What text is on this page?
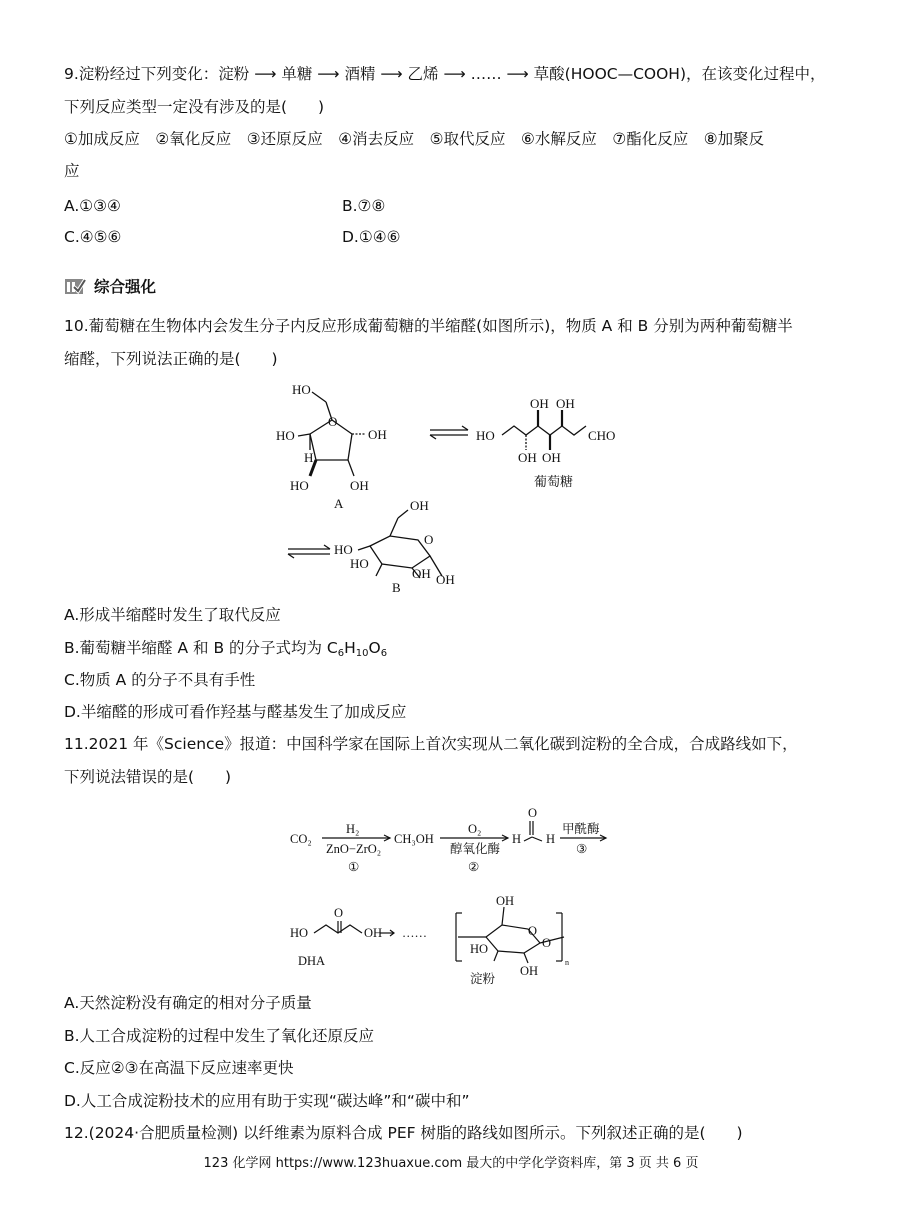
9.淀粉经过下列变化：淀粉 ⟶ 单糖 ⟶ 酒精 ⟶ 乙烯 ⟶ …… ⟶ 草酸(HOOC—COOH)，在该变化过程中，
下列反应类型一定没有涉及的是(　　)
①加成反应　②氧化反应　③还原反应　④消去反应　⑤取代反应　⑥水解反应　⑦酯化反应　⑧加聚反
应
A.①③④	B.⑦⑧
C.④⑤⑥	D.①④⑥
综合强化
10.葡萄糖在生物体内会发生分子内反应形成葡萄糖的半缩醛(如图所示)，物质 A 和 B 分别为两种葡萄糖半
缩醛，下列说法正确的是(　　)
HO
HO
H
O
OH
HO	OH
A
HO
OH OH
OH OH
CHO
葡萄糖
OH
O
HO
HO
OH OH
B
A.形成半缩醛时发生了取代反应
B.葡萄糖半缩醛 A 和 B 的分子式均为 $C_6H_{10}O_6$
C.物质 A 的分子不具有手性
D.半缩醛的形成可看作羟基与醛基发生了加成反应
11.2021 年《Science》报道：中国科学家在国际上首次实现从二氧化碳到淀粉的全合成，合成路线如下，
下列说法错误的是(　　)
CO₂
H₂
ZnO−ZrO₂
①
CH₃OH
O₂
醇氧化酶
②
H
O
H
甲酰酶
③
HO
O
OH ……
DHA
OH
O
HO
OH
O
n
淀粉
A.天然淀粉没有确定的相对分子质量
B.人工合成淀粉的过程中发生了氧化还原反应
C.反应②③在高温下反应速率更快
D.人工合成淀粉技术的应用有助于实现“碳达峰”和“碳中和”
12.(2024·合肥质量检测) 以纤维素为原料合成 PEF 树脂的路线如图所示。下列叙述正确的是(　　)
123 化学网 https://www.123huaxue.com 最大的中学化学资料库，第 3 页 共 6 页
